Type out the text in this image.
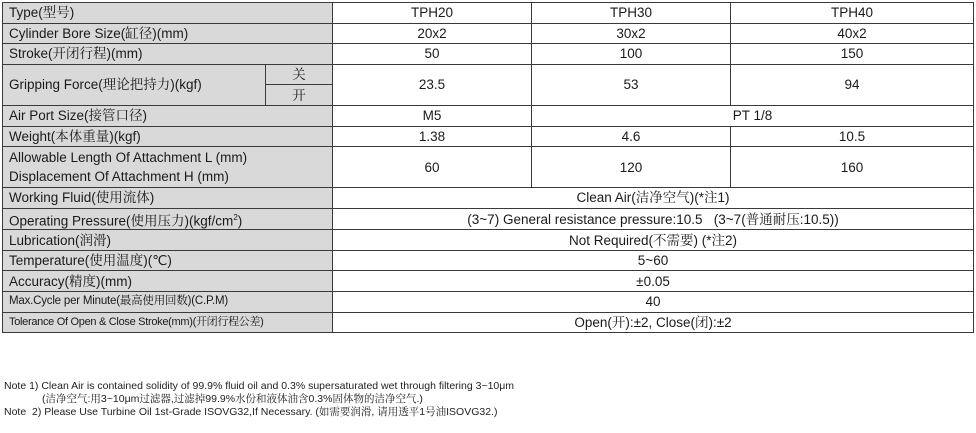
Type(型号)		TPH20	TPH30	TPH40
Cylinder Bore Size(缸径)(mm)		20x2	30x2	40x2
Stroke(开闭行程)(mm)		50	100	150
Gripping Force(理论把持力)(kgf)	关	23.5	53	94
	开			
Air Port Size(接管口径)		M5	PT 1/8	
Weight(本体重量)(kgf)		1.38	4.6	10.5

Allowable Length Of Attachment L (mm)
Displacement Of Attachment H (mm)		60	120	160
Working Fluid(使用流体)		Clean Air(洁净空气)(*注1)		
Operating Pressure(使用压力)$(kgf/cm^2)$		(3~7) General resistance pressure:10.5   (3~7(普通耐压:10.5))		
Lubrication(润滑)		Not Required(不需要) (*注2)		
Temperature(使用温度)(℃)		5~60		
Accuracy(精度)(mm)		±0.05		
Max.Cycle per Minute(最高使用回数)(C.P.M)		40		
Tolerance Of Open & Close Stroke(mm)(开闭行程公差)		Open(开):±2, Close(闭):±2		
Note 1) Clean Air is contained solidity of 99.9% fluid oil and 0.3% supersaturated wet through filtering 3~10μm
(洁净空气:用3~10μm过滤器,过滤掉99.9%水份和液体油含0.3%固体物的洁净空气.)
Note  2) Please Use Turbine Oil 1st-Grade ISOVG32,If Necessary. (如需要润滑, 请用透平1号油ISOVG32.)
